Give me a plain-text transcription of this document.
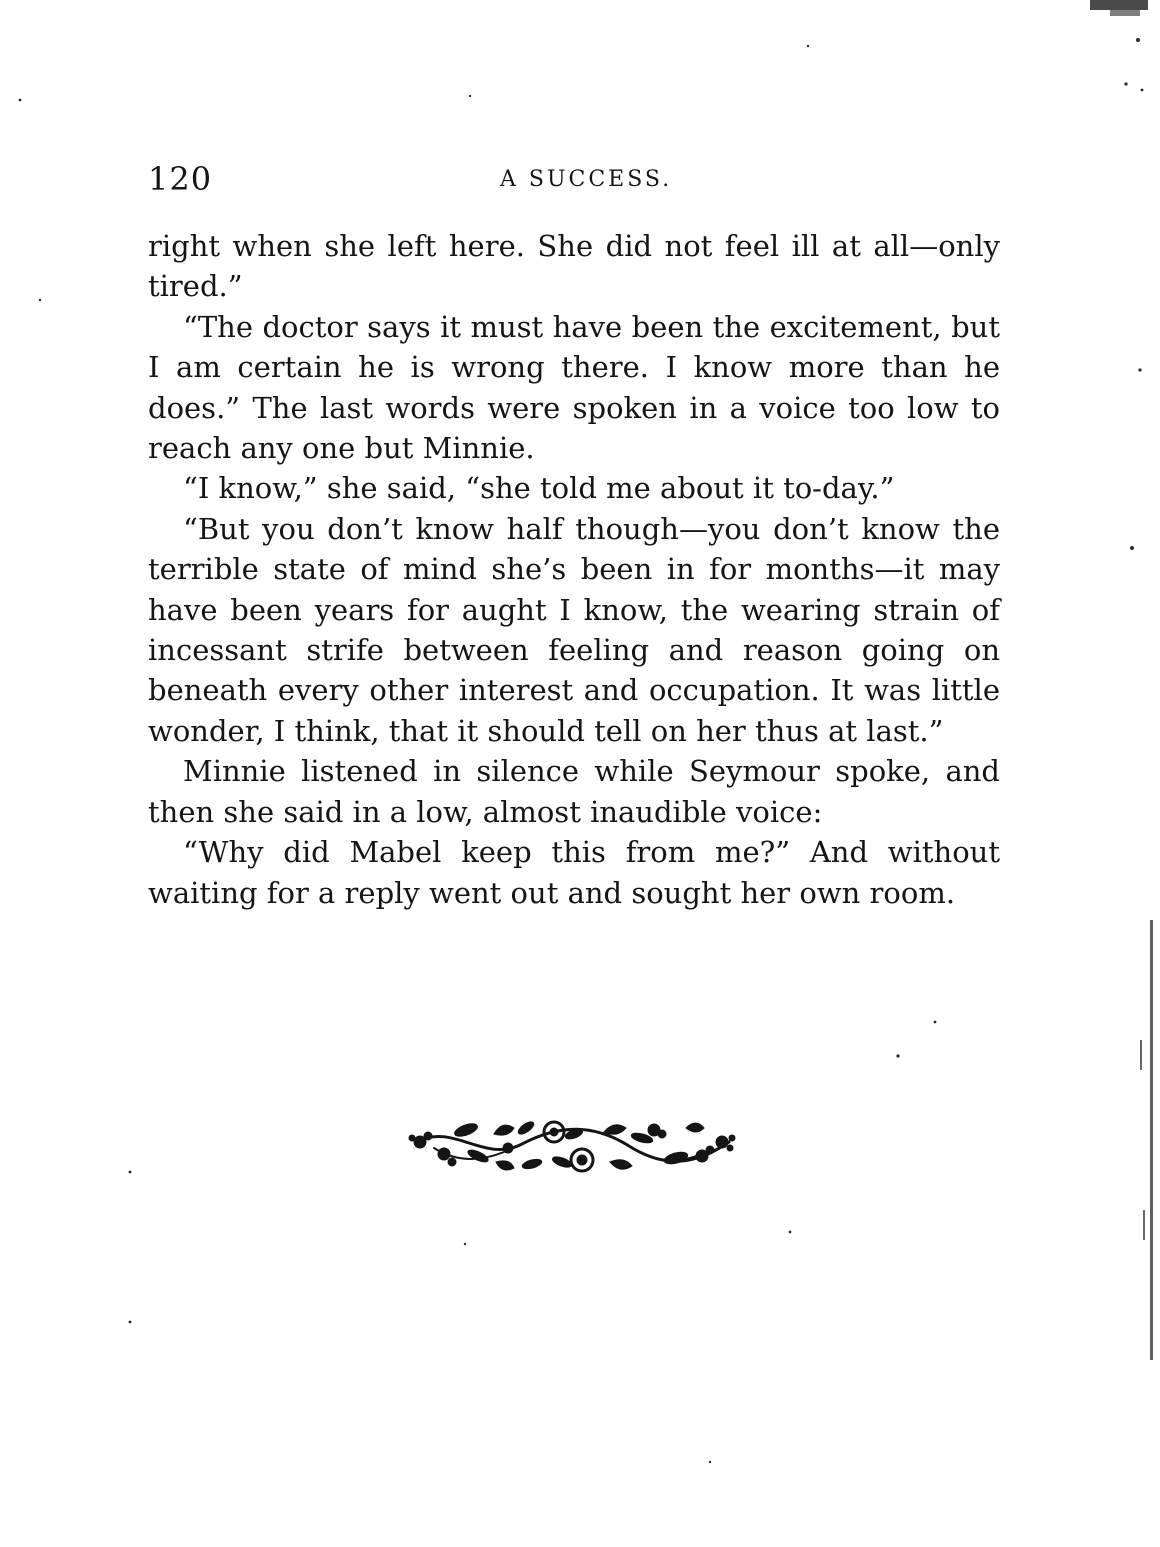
120	A SUCCESS.

right when she left here. She did not feel ill at all—only tired.”

“The doctor says it must have been the excitement, but I am certain he is wrong there. I know more than he does.” The last words were spoken in a voice too low to reach any one but Minnie.

“I know,” she said, “she told me about it to-day.”

“But you don’t know half though—you don’t know the terrible state of mind she’s been in for months—it may have been years for aught I know, the wearing strain of incessant strife between feeling and reason going on beneath every other interest and occupation. It was little wonder, I think, that it should tell on her thus at last.”

Minnie listened in silence while Seymour spoke, and then she said in a low, almost inaudible voice:

“Why did Mabel keep this from me?” And without waiting for a reply went out and sought her own room.
